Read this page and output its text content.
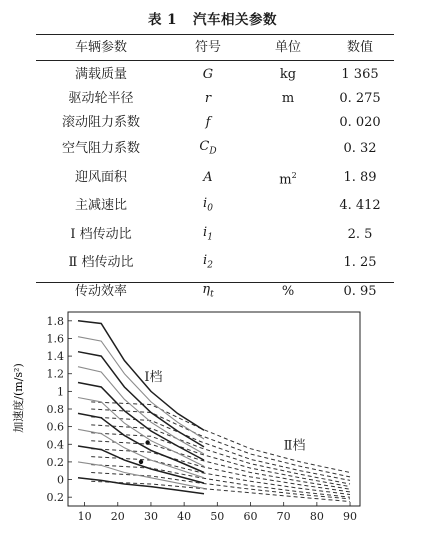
表 1 汽车相关参数
车辆参数	符号	单位	数值
满载质量	G	kg	1 365
驱动轮半径	r	m	0. 275
滚动阻力系数	f		0. 020
空气阻力系数	$C_D$		0. 32
迎风面积	A	$m^2$	1. 89
主减速比	$i_0$		4. 412
Ⅰ 档传动比	$i_1$		2. 5
Ⅱ 档传动比	$i_2$		1. 25
传动效率	$\eta_t$	%	0. 95
10 20 30 40 50 60 70 80 90
1.8
1.6
1.4
1.2
1
0.8
0.6
0.4
0.2
0
0.2
Ⅰ档
Ⅱ档
加速度/(m/s²)
